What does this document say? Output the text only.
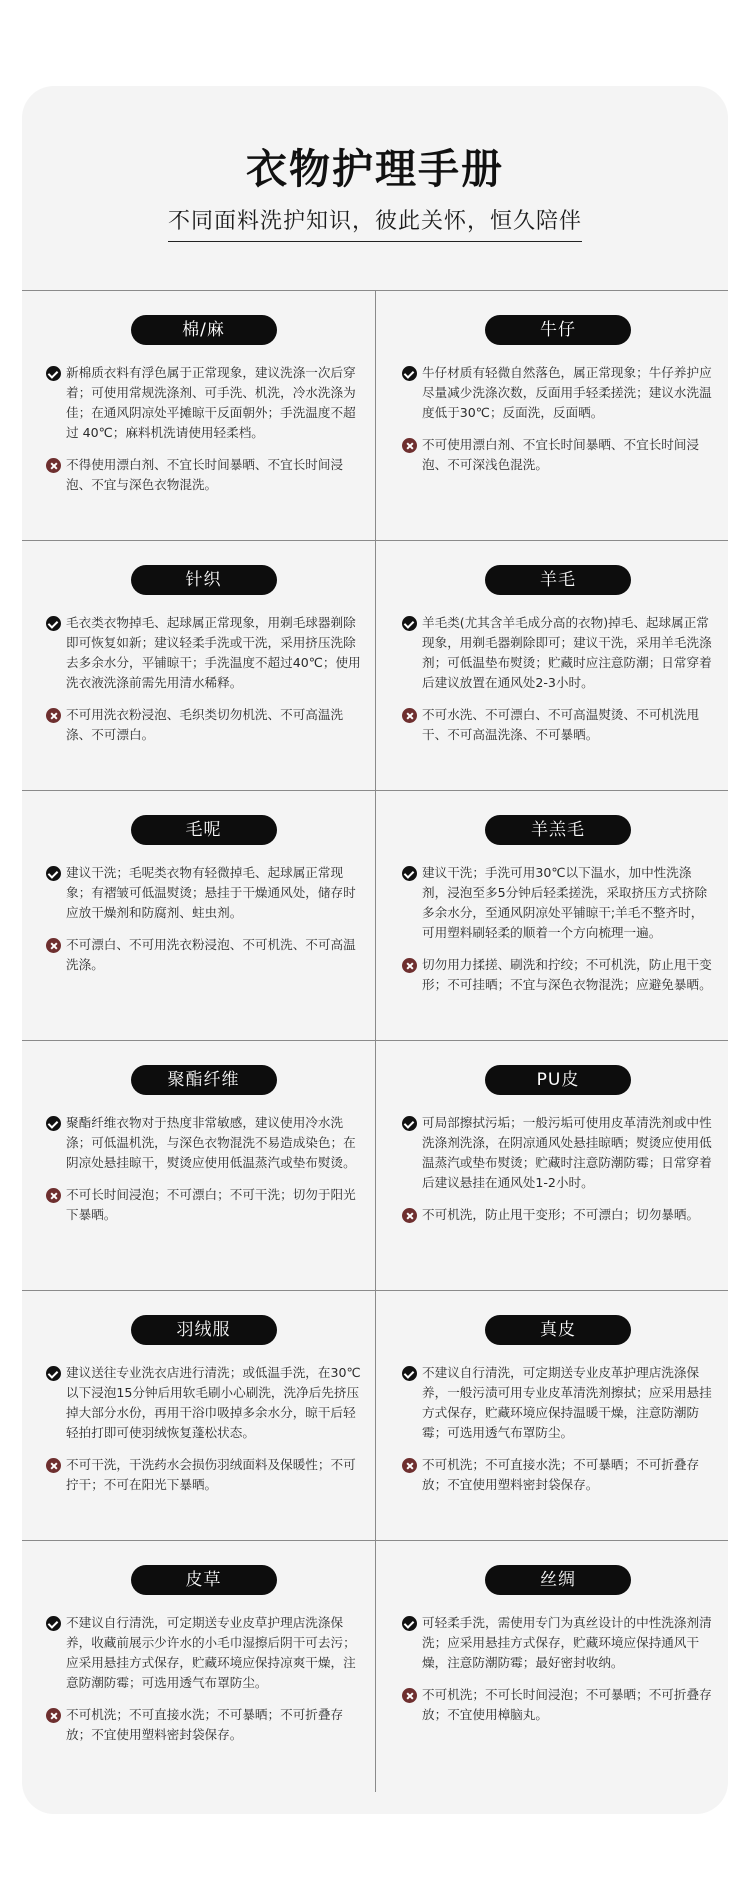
衣物护理手册
不同面料洗护知识，彼此关怀，恒久陪伴
棉/麻
新棉质衣料有浮色属于正常现象，建议洗涤一次后穿着；可使用常规洗涤剂、可手洗、机洗，冷水洗涤为佳；在通风阴凉处平摊晾干反面朝外；手洗温度不超过 40℃；麻料机洗请使用轻柔档。
不得使用漂白剂、不宜长时间暴晒、不宜长时间浸泡、不宜与深色衣物混洗。
牛仔
牛仔材质有轻微自然落色，属正常现象；牛仔养护应尽量减少洗涤次数，反面用手轻柔搓洗；建议水洗温度低于30℃；反面洗，反面晒。
不可使用漂白剂、不宜长时间暴晒、不宜长时间浸泡、不可深浅色混洗。
针织
毛衣类衣物掉毛、起球属正常现象，用剃毛球器剃除即可恢复如新；建议轻柔手洗或干洗，采用挤压洗除去多余水分，平铺晾干；手洗温度不超过40℃；使用洗衣液洗涤前需先用清水稀释。
不可用洗衣粉浸泡、毛织类切勿机洗、不可高温洗涤、不可漂白。
羊毛
羊毛类(尤其含羊毛成分高的衣物)掉毛、起球属正常现象，用剃毛器剃除即可；建议干洗，采用羊毛洗涤剂；可低温垫布熨烫；贮藏时应注意防潮；日常穿着后建议放置在通风处2-3小时。
不可水洗、不可漂白、不可高温熨烫、不可机洗甩干、不可高温洗涤、不可暴晒。
毛呢
建议干洗；毛呢类衣物有轻微掉毛、起球属正常现象；有褶皱可低温熨烫；悬挂于干燥通风处，储存时应放干燥剂和防腐剂、蛀虫剂。
不可漂白、不可用洗衣粉浸泡、不可机洗、不可高温洗涤。
羊羔毛
建议干洗；手洗可用30℃以下温水，加中性洗涤剂，浸泡至多5分钟后轻柔搓洗，采取挤压方式挤除多余水分，至通风阴凉处平铺晾干;羊毛不整齐时，可用塑料刷轻柔的顺着一个方向梳理一遍。
切勿用力揉搓、刷洗和拧绞；不可机洗，防止甩干变形；不可挂晒；不宜与深色衣物混洗；应避免暴晒。
聚酯纤维
聚酯纤维衣物对于热度非常敏感，建议使用冷水洗涤；可低温机洗，与深色衣物混洗不易造成染色；在阴凉处悬挂晾干，熨烫应使用低温蒸汽或垫布熨烫。
不可长时间浸泡；不可漂白；不可干洗；切勿于阳光下暴晒。
PU皮
可局部擦拭污垢；一般污垢可使用皮革清洗剂或中性洗涤剂洗涤，在阴凉通风处悬挂晾晒；熨烫应使用低温蒸汽或垫布熨烫；贮藏时注意防潮防霉；日常穿着后建议悬挂在通风处1-2小时。
不可机洗，防止甩干变形；不可漂白；切勿暴晒。
羽绒服
建议送往专业洗衣店进行清洗；或低温手洗，在30℃以下浸泡15分钟后用软毛刷小心刷洗，洗净后先挤压掉大部分水份，再用干浴巾吸掉多余水分，晾干后轻轻拍打即可使羽绒恢复蓬松状态。
不可干洗，干洗药水会损伤羽绒面料及保暖性；不可拧干；不可在阳光下暴晒。
真皮
不建议自行清洗，可定期送专业皮革护理店洗涤保养，一般污渍可用专业皮革清洗剂擦拭；应采用悬挂方式保存，贮藏环境应保持温暖干燥，注意防潮防霉；可选用透气布罩防尘。
不可机洗；不可直接水洗；不可暴晒；不可折叠存放；不宜使用塑料密封袋保存。
皮草
不建议自行清洗，可定期送专业皮草护理店洗涤保养，收藏前展示少许水的小毛巾湿擦后阴干可去污；应采用悬挂方式保存，贮藏环境应保持凉爽干燥，注意防潮防霉；可选用透气布罩防尘。
不可机洗；不可直接水洗；不可暴晒；不可折叠存放；不宜使用塑料密封袋保存。
丝绸
可轻柔手洗，需使用专门为真丝设计的中性洗涤剂清洗；应采用悬挂方式保存，贮藏环境应保持通风干燥，注意防潮防霉；最好密封收纳。
不可机洗；不可长时间浸泡；不可暴晒；不可折叠存放；不宜使用樟脑丸。
